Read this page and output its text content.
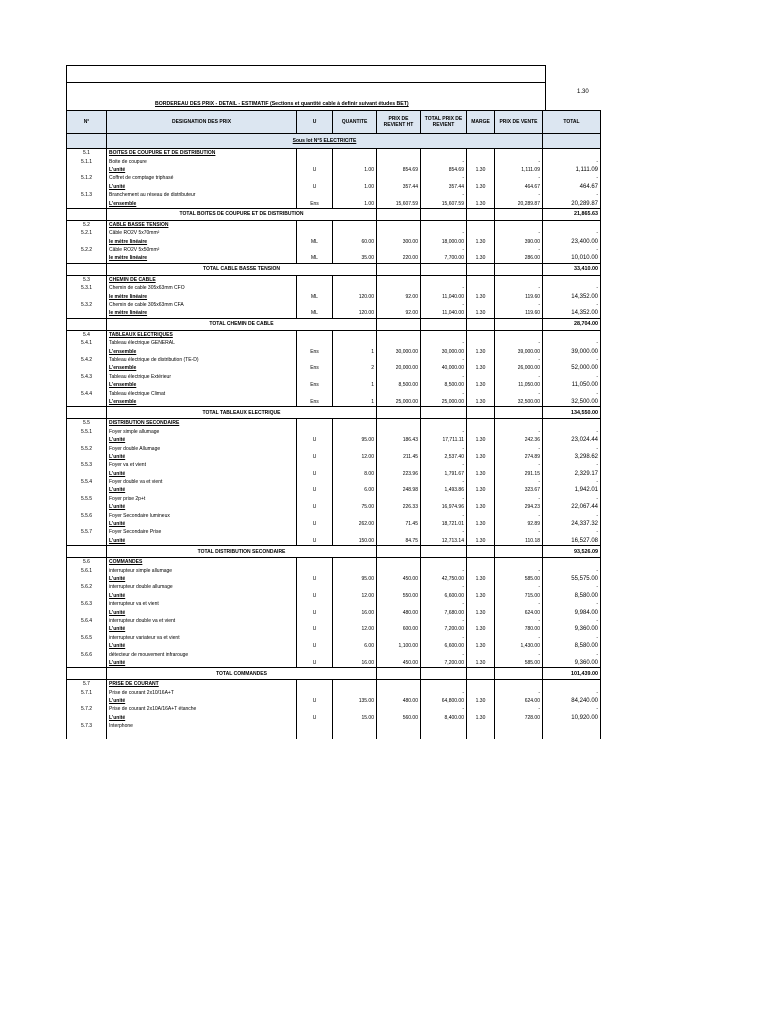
BORDEREAU DES PRIX - DETAIL - ESTIMATIF (Sections et quantité cable à definir suivant études BET)
1.30
N°	DESIGNATION DES PRIX	U	QUANTITE	PRIX DE REVIENT HT	TOTAL PRIX DE REVIENT	MARGE	PRIX DE VENTE	TOTAL
	Sous lot N°5 ELECTRICITE							
5.1	BOITES DE COUPURE ET DE DISTRIBUTION							
5.1.1	Boite de coupure				-		-	-
	L'unité	U	1.00	854.69	854.69	1.30	1,111.09	1,111.09
5.1.2	Coffret de comptage triphasé				-		-	-
	L'unité	U	1.00	357.44	357.44	1.30	464.67	464.67
5.1.3	Branchement au réseau de distributeur				-		-	-
	L'ensemble	Ens	1.00	15,607.59	15,607.59	1.30	20,289.87	20,289.87
	TOTAL BOITES DE COUPURE ET DE DISTRIBUTION							21,865.63
5.2	CABLE BASSE TENSION							
5.2.1	Câble RO2V 5x70mm²				-		-	-
	le mètre linéaire	ML	60.00	300.00	18,000.00	1.30	390.00	23,400.00
5.2.2	Câble RO2V 5x50mm²				-		-	-
	le mètre linéaire	ML	35.00	220.00	7,700.00	1.30	286.00	10,010.00
	TOTAL CABLE BASSE TENSION							33,410.00
5.3	CHEMIN DE CABLE							
5.3.1	Chemin de cable 305x63mm CFO				-		-	-
	le mètre linéaire	ML	120.00	92.00	11,040.00	1.30	119.60	14,352.00
5.3.2	Chemin de cable 305x63mm CFA				-		-	-
	le mètre linéaire	ML	120.00	92.00	11,040.00	1.30	119.60	14,352.00
	TOTAL CHEMIN DE CABLE							28,704.00
5.4	TABLEAUX ELECTRIQUES							
5.4.1	Tableau électrique GENERAL				-		-	-
	L'ensemble	Ens	1	30,000.00	30,000.00	1.30	39,000.00	39,000.00
5.4.2	Tableau électrique de distribution (TE-D)				-		-	-
	L'ensemble	Ens	2	20,000.00	40,000.00	1.30	26,000.00	52,000.00
5.4.3	Tableau électrique Extérieur				-		-	-
	L'ensemble	Ens	1	8,500.00	8,500.00	1.30	11,050.00	11,050.00
5.4.4	Tableau électrique Climat				-		-	-
	L'ensemble	Ens	1	25,000.00	25,000.00	1.30	32,500.00	32,500.00
	TOTAL TABLEAUX ELECTRIQUE							134,550.00
5.5	DISTRIBUTION SECONDAIRE							
5.5.1	Foyer simple allumage				-		-	-
	L'unité	U	95.00	186.43	17,711.11	1.30	242.36	23,024.44
5.5.2	Foyer double Allumage				-		-	-
	L'unité	U	12.00	211.45	2,537.40	1.30	274.89	3,298.62
5.5.3	Foyer va et vient				-		-	-
	L'unité	U	8.00	223.96	1,791.67	1.30	291.15	2,329.17
5.5.4	Foyer double va et vient				-		-	-
	L'unité	U	6.00	248.98	1,493.86	1.30	323.67	1,942.01
5.5.5	Foyer prise 2p+t				-		-	-
	L'unité	U	75.00	226.33	16,974.96	1.30	294.23	22,067.44
5.5.6	Foyer Secondaire lumineux				-		-	-
	L'unité	U	262.00	71.45	18,721.01	1.30	92.89	24,337.32
5.5.7	Foyer Secondaire Prise				-		-	-
	L'unité	U	150.00	84.75	12,713.14	1.30	110.18	16,527.08
	TOTAL DISTRIBUTION SECONDAIRE							93,526.09
5.6	COMMANDES							
5.6.1	interrupteur simple allumage				-		-	-
	L'unité	U	95.00	450.00	42,750.00	1.30	585.00	55,575.00
5.6.2	interrupteur double allumage				-		-	-
	L'unité	U	12.00	550.00	6,600.00	1.30	715.00	8,580.00
5.6.3	interrupteur va et vient				-		-	-
	L'unité	U	16.00	480.00	7,680.00	1.30	624.00	9,984.00
5.6.4	interrupteur double va et vient				-		-	-
	L'unité	U	12.00	600.00	7,200.00	1.30	780.00	9,360.00
5.6.5	interrupteur variateur va et vient				-		-	-
	L'unité	U	6.00	1,100.00	6,600.00	1.30	1,430.00	8,580.00
5.6.6	détecteur de mouvement infrarouge				-		-	-
	L'unité	U	16.00	450.00	7,200.00	1.30	585.00	9,360.00
	TOTAL COMMANDES							101,439.00
5.7	PRISE DE COURANT							
5.7.1	Prise de courant 2x10/16A+T				-		-	-
	L'unité	U	135.00	480.00	64,800.00	1.30	624.00	84,240.00
5.7.2	Prise de courant 2x10A/16A+T étanche				-		-	-
	L'unité	U	15.00	560.00	8,400.00	1.30	728.00	10,920.00
5.7.3	Interphone							
